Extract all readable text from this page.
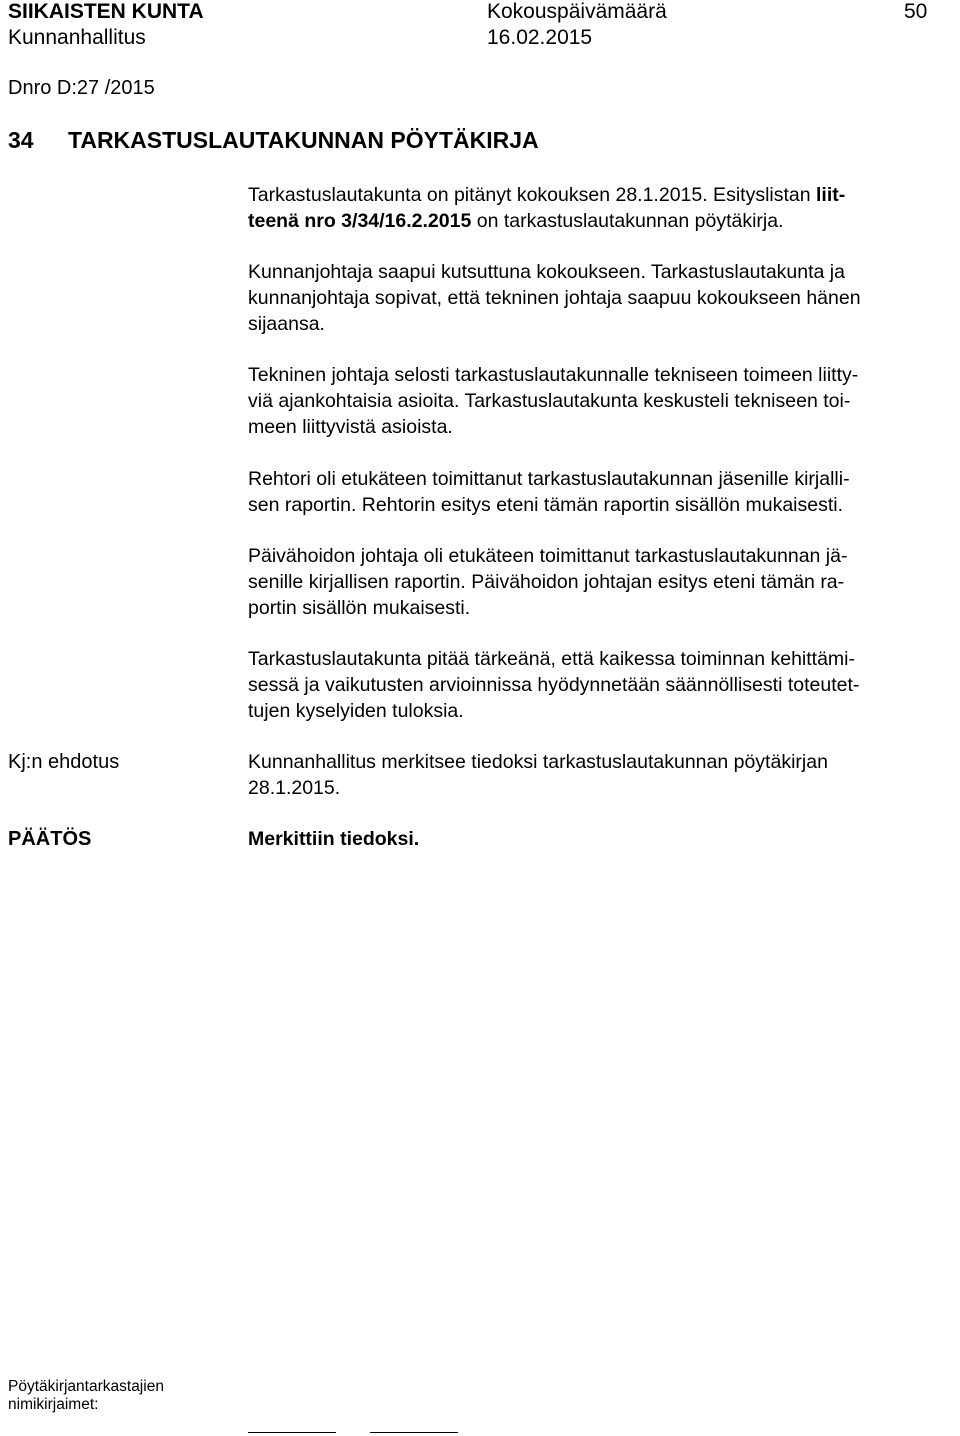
SIIKAISTEN KUNTA	Kokouspäivämäärä	50
Kunnanhallitus	16.02.2015
Dnro D:27 /2015
34 TARKASTUSLAUTAKUNNAN PÖYTÄKIRJA
Tarkastuslautakunta on pitänyt kokouksen 28.1.2015. Esityslistan liit-
teenä nro 3/34/16.2.2015 on tarkastuslautakunnan pöytäkirja.
Kunnanjohtaja saapui kutsuttuna kokoukseen. Tarkastuslautakunta ja
kunnanjohtaja sopivat, että tekninen johtaja saapuu kokoukseen hänen
sijaansa.
Tekninen johtaja selosti tarkastuslautakunnalle tekniseen toimeen liitty-
viä ajankohtaisia asioita. Tarkastuslautakunta keskusteli tekniseen toi-
meen liittyvistä asioista.
Rehtori oli etukäteen toimittanut tarkastuslautakunnan jäsenille kirjalli-
sen raportin. Rehtorin esitys eteni tämän raportin sisällön mukaisesti.
Päivähoidon johtaja oli etukäteen toimittanut tarkastuslautakunnan jä-
senille kirjallisen raportin. Päivähoidon johtajan esitys eteni tämän ra-
portin sisällön mukaisesti.
Tarkastuslautakunta pitää tärkeänä, että kaikessa toiminnan kehittämi-
sessä ja vaikutusten arvioinnissa hyödynnetään säännöllisesti toteutet-
tujen kyselyiden tuloksia.
Kj:n ehdotus	Kunnanhallitus merkitsee tiedoksi tarkastuslautakunnan pöytäkirjan
28.1.2015.
PÄÄTÖS	Merkittiin tiedoksi.
Pöytäkirjantarkastajien
nimikirjaimet:
